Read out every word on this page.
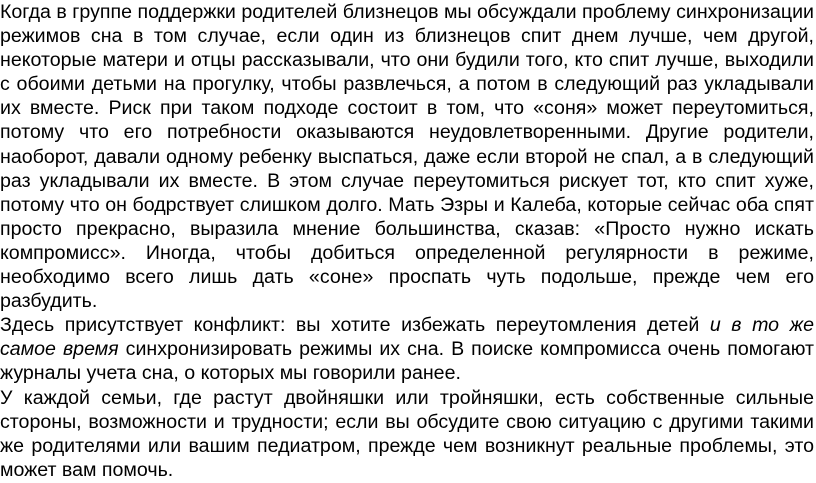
Когда в группе поддержки родителей близнецов мы обсуждали проблему синхронизации режимов сна в том случае, если один из близнецов спит днем лучше, чем другой, некоторые матери и отцы рассказывали, что они будили того, кто спит лучше, выходили с обоими детьми на прогулку, чтобы развлечься, а потом в следующий раз укладывали их вместе. Риск при таком подходе состоит в том, что «соня» может переутомиться, потому что его потребности оказываются неудовлетворенными. Другие родители, наоборот, давали одному ребенку выспаться, даже если второй не спал, а в следующий раз укладывали их вместе. В этом случае переутомиться рискует тот, кто спит хуже, потому что он бодрствует слишком долго. Мать Эзры и Калеба, которые сейчас оба спят просто прекрасно, выразила мнение большинства, сказав: «Просто нужно искать компромисс». Иногда, чтобы добиться определенной регулярности в режиме, необходимо всего лишь дать «соне» проспать чуть подольше, прежде чем его разбудить.

Здесь присутствует конфликт: вы хотите избежать переутомления детей и в то же самое время синхронизировать режимы их сна. В поиске компромисса очень помогают журналы учета сна, о которых мы говорили ранее.

У каждой семьи, где растут двойняшки или тройняшки, есть собственные сильные стороны, возможности и трудности; если вы обсудите свою ситуацию с другими такими же родителями или вашим педиатром, прежде чем возникнут реальные проблемы, это может вам помочь.
